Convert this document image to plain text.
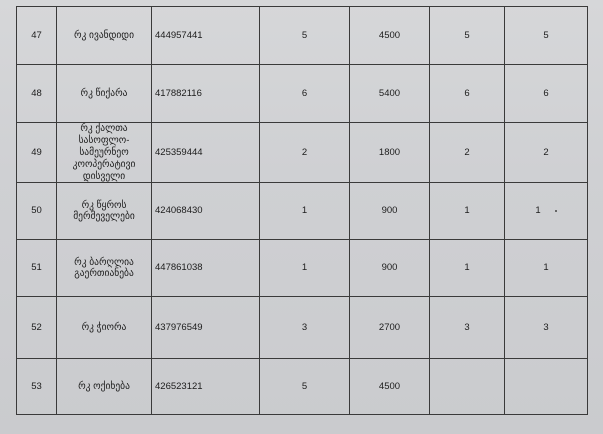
47	რკ ივანდიდი	444957441	5	4500	5	5
48	რკ წიქარა	417882116	6	5400	6	6
49	რკ ქალთა სასოფლო-სამეურნეო კოოპერატივი დისველი	425359444	2	1800	2	2
50	რკ წყროს მერმეველები	424068430	1	900	1	1
51	რკ ბარღლია გაერთიანება	447861038	1	900	1	1
52	რკ ჭიორა	437976549	3	2700	3	3
53	რკ ოქიხება	426523121	5	4500		
